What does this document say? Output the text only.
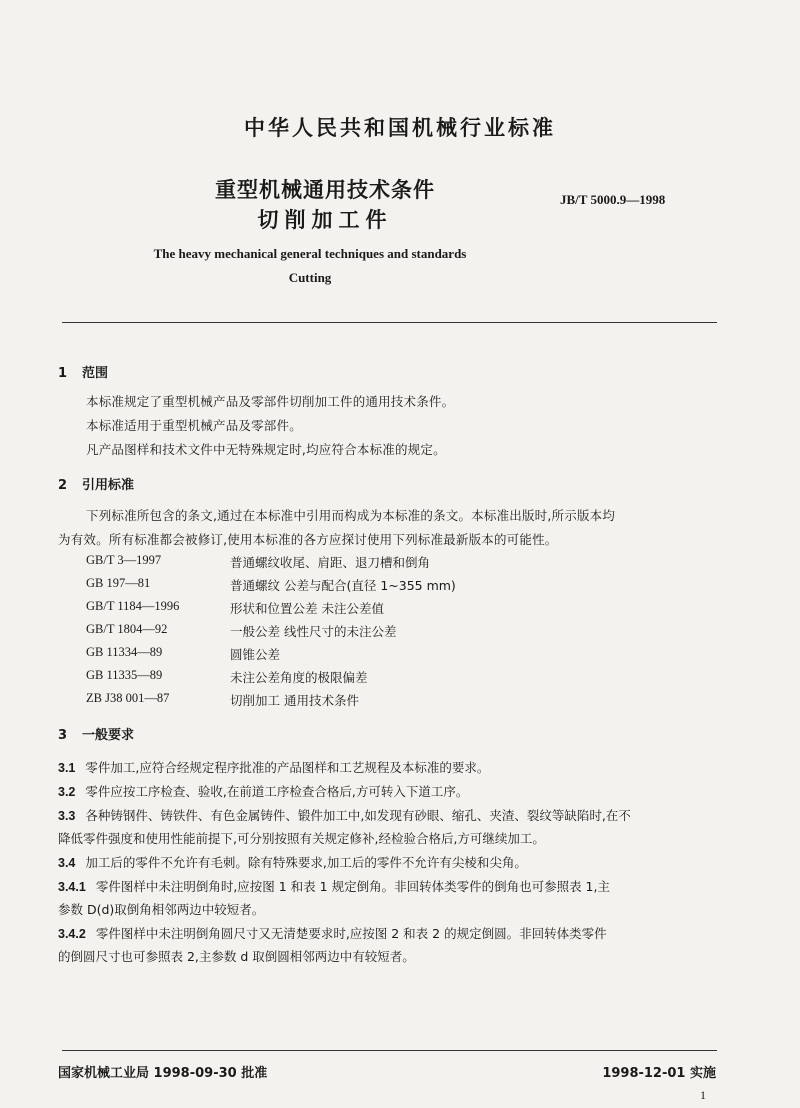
中华人民共和国机械行业标准
重型机械通用技术条件
切削加工件
JB/T 5000.9—1998
The heavy mechanical general techniques and standards
Cutting
1 范围
本标准规定了重型机械产品及零部件切削加工件的通用技术条件。
本标准适用于重型机械产品及零部件。
凡产品图样和技术文件中无特殊规定时,均应符合本标准的规定。
2 引用标准
下列标准所包含的条文,通过在本标准中引用而构成为本标准的条文。本标准出版时,所示版本均
为有效。所有标准都会被修订,使用本标准的各方应探讨使用下列标准最新版本的可能性。
GB/T 3—1997	普通螺纹收尾、肩距、退刀槽和倒角
GB 197—81	普通螺纹 公差与配合(直径 1~355 mm)
GB/T 1184—1996	形状和位置公差 未注公差值
GB/T 1804—92	一般公差 线性尺寸的未注公差
GB 11334—89	圆锥公差
GB 11335—89	未注公差角度的极限偏差
ZB J38 001—87	切削加工 通用技术条件
3 一般要求
3.1 零件加工,应符合经规定程序批准的产品图样和工艺规程及本标准的要求。
3.2 零件应按工序检查、验收,在前道工序检查合格后,方可转入下道工序。
3.3 各种铸钢件、铸铁件、有色金属铸件、锻件加工中,如发现有砂眼、缩孔、夹渣、裂纹等缺陷时,在不
降低零件强度和使用性能前提下,可分别按照有关规定修补,经检验合格后,方可继续加工。
3.4 加工后的零件不允许有毛刺。除有特殊要求,加工后的零件不允许有尖棱和尖角。
3.4.1 零件图样中未注明倒角时,应按图 1 和表 1 规定倒角。非回转体类零件的倒角也可参照表 1,主
参数 D(d)取倒角相邻两边中较短者。
3.4.2 零件图样中未注明倒角圆尺寸又无清楚要求时,应按图 2 和表 2 的规定倒圆。非回转体类零件
的倒圆尺寸也可参照表 2,主参数 d 取倒圆相邻两边中有较短者。
国家机械工业局 1998-09-30 批准	1998-12-01 实施
1
